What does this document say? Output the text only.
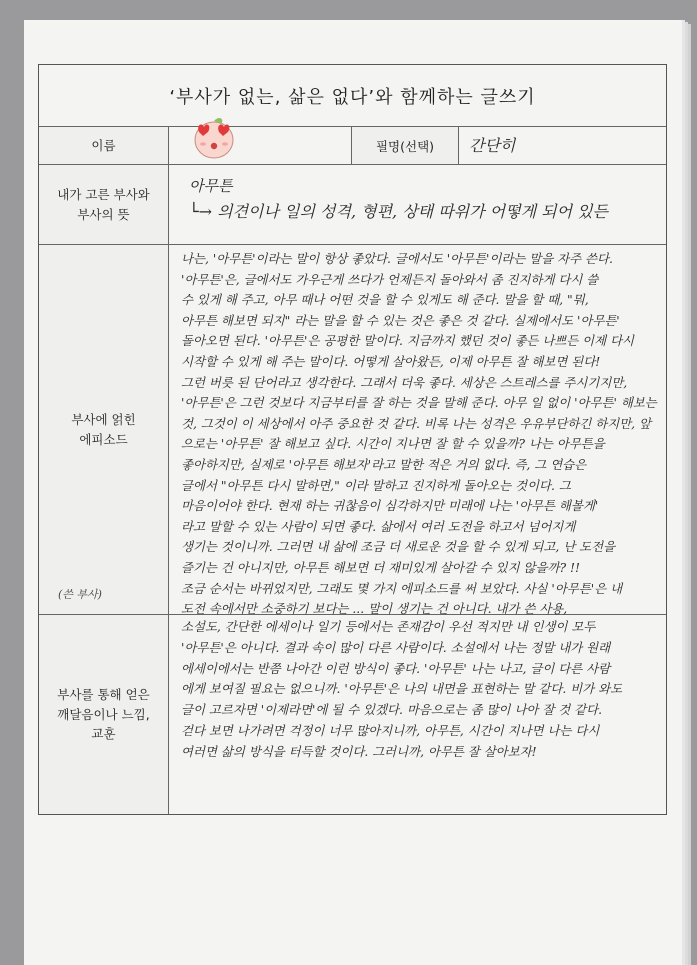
‘부사가 없는, 삶은 없다’와 함께하는 글쓰기
이름	필명(선택)	간단히
내가 고른 부사와 부사의 뜻
아무튼
└→ 의견이나 일의 성격, 형편, 상태 따위가 어떻게 되어 있든
부사에 얽힌 에피소드

나는, '아무튼'이라는 말이 항상 좋았다. 글에서도 '아무튼'이라는 말을 자주 쓴다.

'아무튼'은, 글에서도 가우근게 쓰다가 언제든지 돌아와서 좀 진지하게 다시 쓸

수 있게 해 주고, 아무 때나 어떤 것을 할 수 있게도 해 준다. 말을 할 때, "뭐,

아무튼 해보면 되지" 라는 말을 할 수 있는 것은 좋은 것 같다. 실제에서도 '아무튼'

돌아오면 된다. '아무튼'은 공평한 말이다. 지금까지 했던 것이 좋든 나쁘든 이제 다시

시작할 수 있게 해 주는 말이다. 어떻게 살아왔든, 이제 아무튼 잘 해보면 된다!

그런 버릇 된 단어라고 생각한다. 그래서 더욱 좋다. 세상은 스트레스를 주시기지만,

'아무튼'은 그런 것보다 지금부터를 잘 하는 것을 말해 준다. 아무 일 없이 '아무튼' 해보는

것, 그것이 이 세상에서 아주 중요한 것 같다. 비록 나는 성격은 우유부단하긴 하지만, 앞

으로는 '아무튼' 잘 해보고 싶다. 시간이 지나면 잘 할 수 있을까? 나는 아무튼을

좋아하지만, 실제로 '아무튼 해보자'라고 말한 적은 거의 없다. 즉, 그 연습은

글에서 "아무튼 다시 말하면," 이라 말하고 진지하게 돌아오는 것이다. 그

마음이어야 한다. 현재 하는 귀찮음이 심각하지만 미래에 나는 '아무튼 해볼게'

라고 말할 수 있는 사람이 되면 좋다. 삶에서 여러 도전을 하고서 넘어지게

생기는 것이니까. 그러면 내 삶에 조금 더 새로운 것을 할 수 있게 되고, 난 도전을

즐기는 건 아니지만, 아무튼 해보면 더 재미있게 살아갈 수 있지 않을까? !!

조금 순서는 바뀌었지만, 그래도 몇 가지 에피소드를 써 보았다. 사실 '아무튼'은 내

도전 속에서만 소중하기 보다는 ... 말이 생기는 건 아니다. 내가 쓴 사용,

부사를 통해 얻은 깨달음이나 느낌, 교훈

소설도, 간단한 에세이나 일기 등에서는 존재감이 우선 적지만 내 인생이 모두

'아무튼'은 아니다. 결과 속이 많이 다른 사람이다. 소설에서 나는 정말 내가 원래

에세이에서는 반쯤 나아간 이런 방식이 좋다. '아무튼' 나는 나고, 글이 다른 사람

에게 보여질 필요는 없으니까. '아무튼'은 나의 내면을 표현하는 말 같다. 비가 와도

글이 고르자면 '이제라면'에 될 수 있겠다. 마음으로는 좀 많이 나아 잘 것 같다.

걷다 보면 나가려면 걱정이 너무 많아지니까, 아무튼, 시간이 지나면 나는 다시

여러면 삶의 방식을 터득할 것이다. 그러니까, 아무튼 잘 살아보자!

(쓴 부사)
